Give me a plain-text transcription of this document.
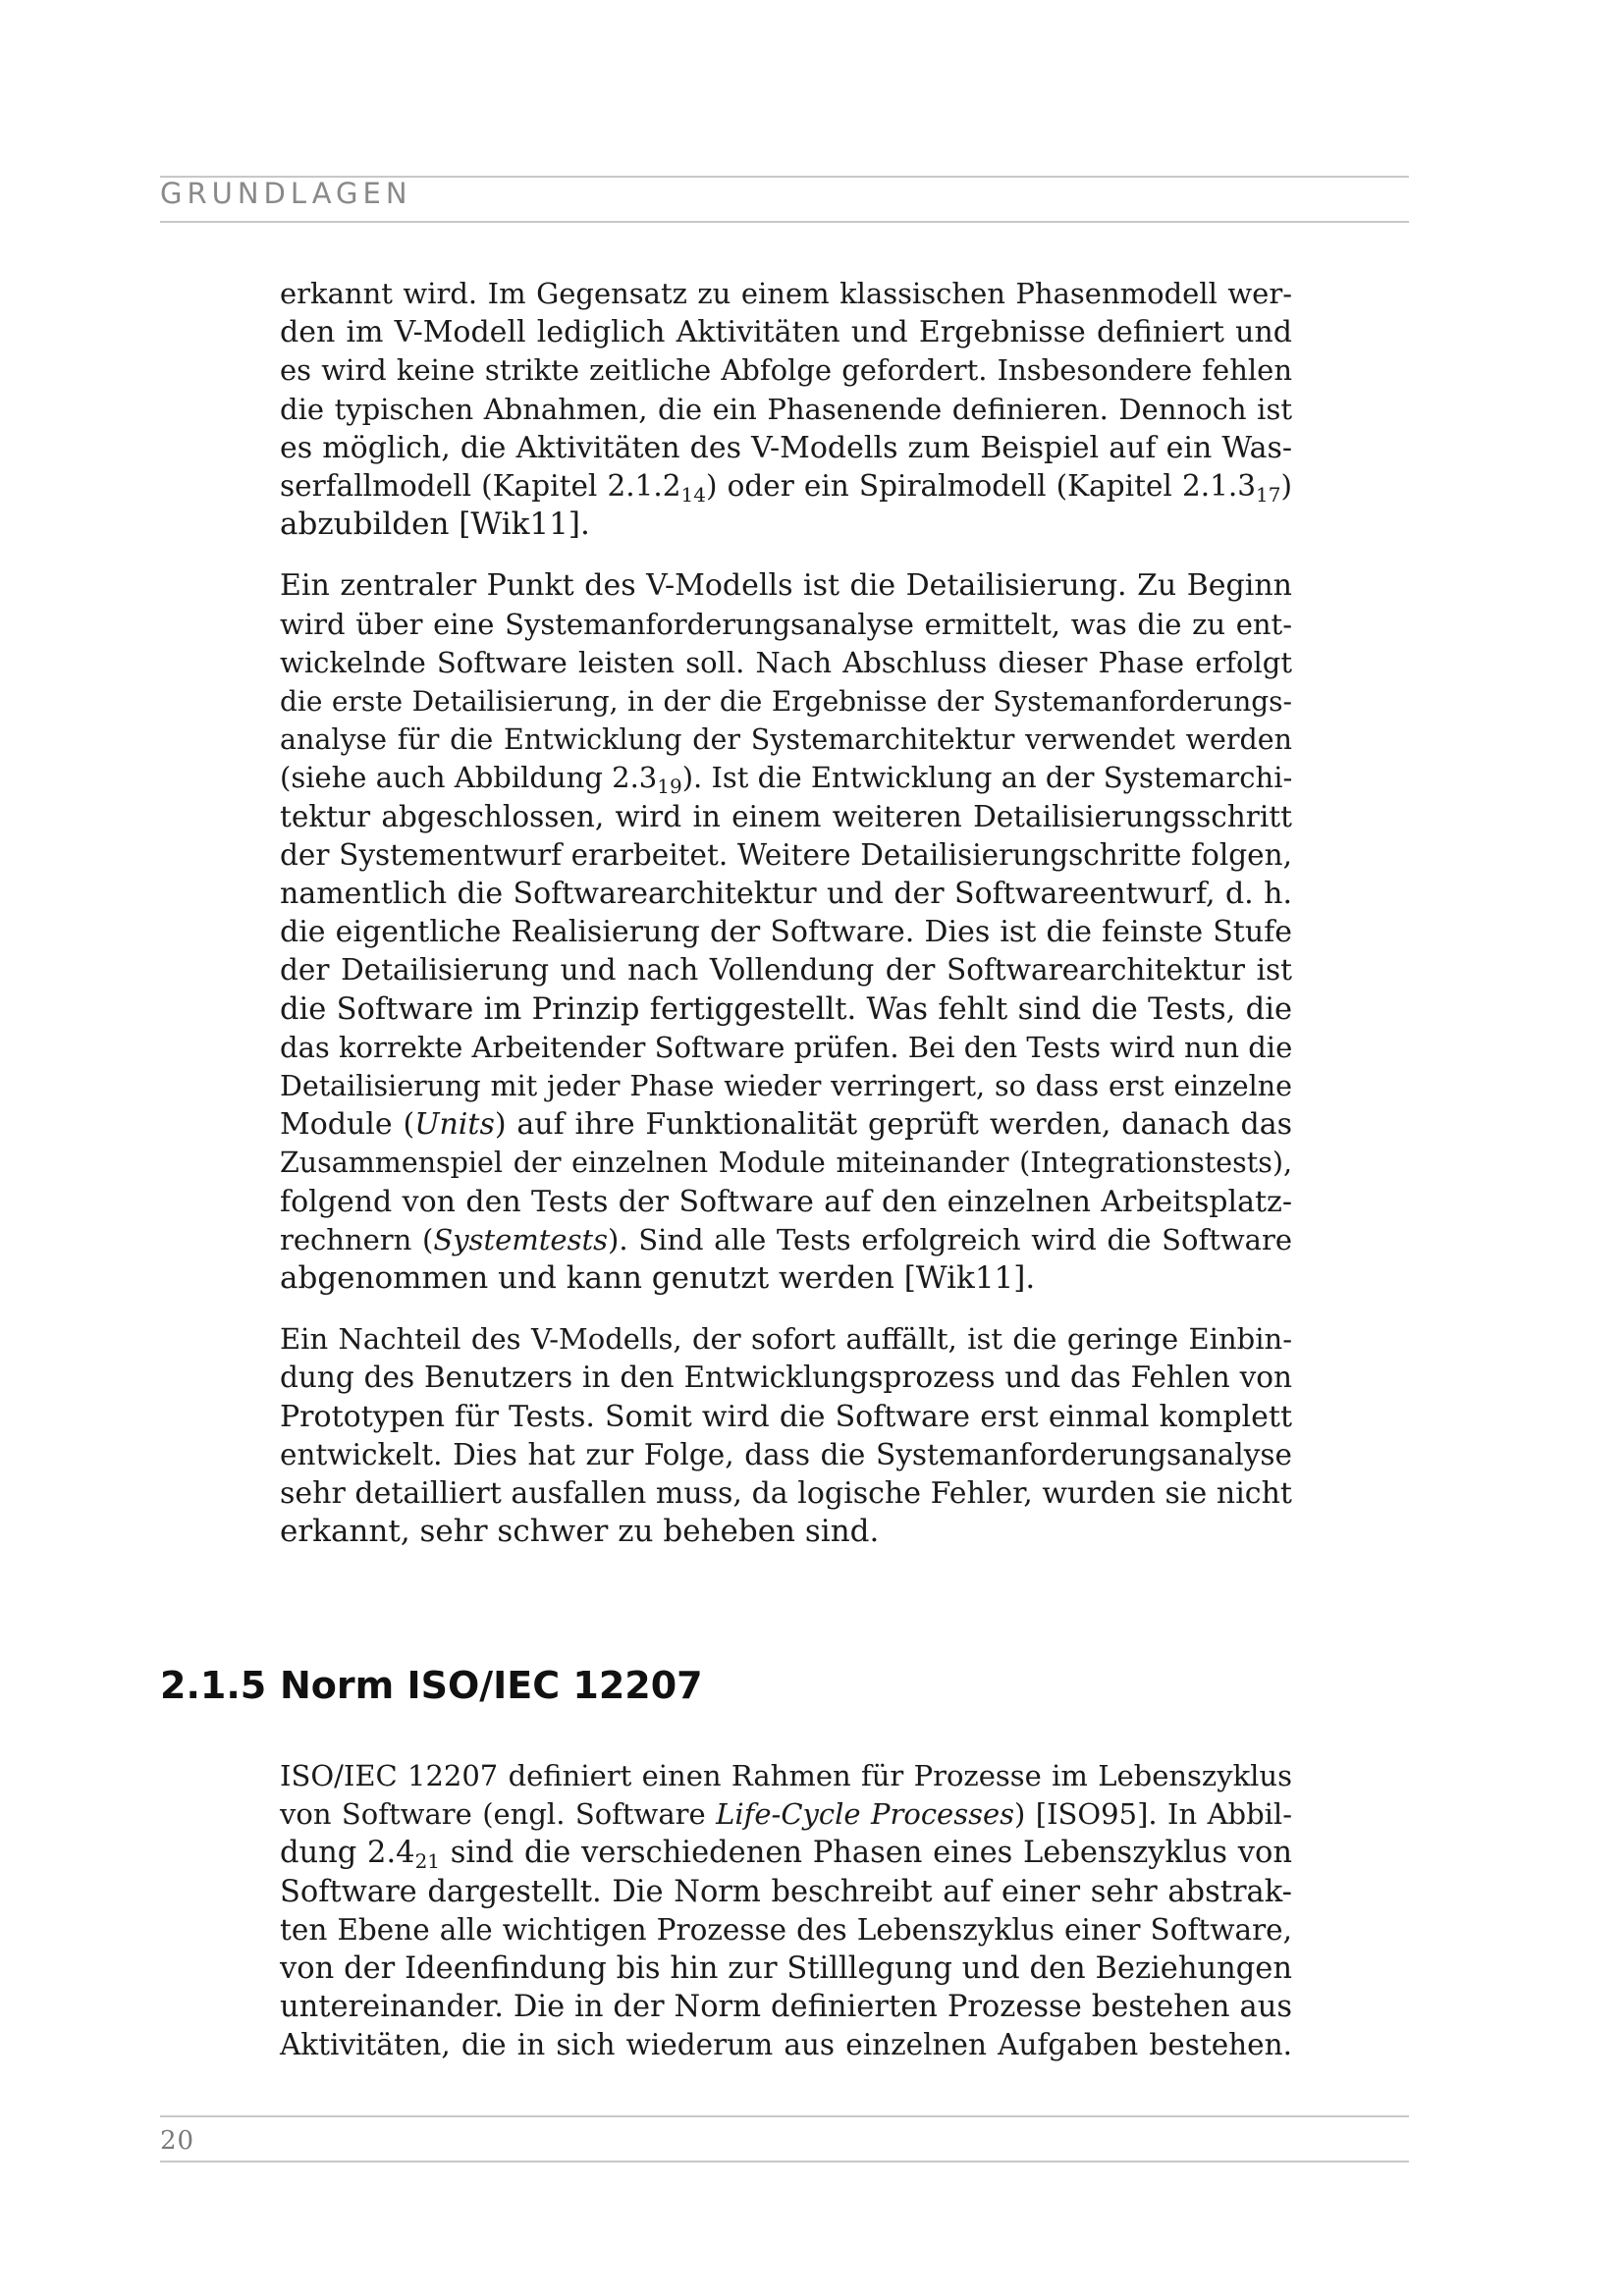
GRUNDLAGEN

erkannt wird. Im Gegensatz zu einem klassischen Phasenmodell wer-
den im V-Modell lediglich Aktivitäten und Ergebnisse definiert und
es wird keine strikte zeitliche Abfolge gefordert. Insbesondere fehlen
die typischen Abnahmen, die ein Phasenende definieren. Dennoch ist
es möglich, die Aktivitäten des V-Modells zum Beispiel auf ein Was-
serfallmodell (Kapitel $2.1.2_{14}$) oder ein Spiralmodell (Kapitel $2.1.3_{17}$)
abzubilden [Wik11].

Ein zentraler Punkt des V-Modells ist die Detailisierung. Zu Beginn
wird über eine Systemanforderungsanalyse ermittelt, was die zu ent-
wickelnde Software leisten soll. Nach Abschluss dieser Phase erfolgt
die erste Detailisierung, in der die Ergebnisse der Systemanforderungs-
analyse für die Entwicklung der Systemarchitektur verwendet werden
(siehe auch Abbildung $2.3_{19}$). Ist die Entwicklung an der Systemarchi-
tektur abgeschlossen, wird in einem weiteren Detailisierungsschritt
der Systementwurf erarbeitet. Weitere Detailisierungschritte folgen,
namentlich die Softwarearchitektur und der Softwareentwurf, d. h.
die eigentliche Realisierung der Software. Dies ist die feinste Stufe
der Detailisierung und nach Vollendung der Softwarearchitektur ist
die Software im Prinzip fertiggestellt. Was fehlt sind die Tests, die
das korrekte Arbeitender Software prüfen. Bei den Tests wird nun die
Detailisierung mit jeder Phase wieder verringert, so dass erst einzelne
Module (Units) auf ihre Funktionalität geprüft werden, danach das
Zusammenspiel der einzelnen Module miteinander (Integrationstests),
folgend von den Tests der Software auf den einzelnen Arbeitsplatz-
rechnern (Systemtests). Sind alle Tests erfolgreich wird die Software
abgenommen und kann genutzt werden [Wik11].

Ein Nachteil des V-Modells, der sofort auffällt, ist die geringe Einbin-
dung des Benutzers in den Entwicklungsprozess und das Fehlen von
Prototypen für Tests. Somit wird die Software erst einmal komplett
entwickelt. Dies hat zur Folge, dass die Systemanforderungsanalyse
sehr detailliert ausfallen muss, da logische Fehler, wurden sie nicht
erkannt, sehr schwer zu beheben sind.

2.1.5 Norm ISO/IEC 12207

ISO/IEC 12207 definiert einen Rahmen für Prozesse im Lebenszyklus
von Software (engl. Software Life-Cycle Processes) [ISO95]. In Abbil-
dung $2.4_{21}$ sind die verschiedenen Phasen eines Lebenszyklus von
Software dargestellt. Die Norm beschreibt auf einer sehr abstrak-
ten Ebene alle wichtigen Prozesse des Lebenszyklus einer Software,
von der Ideenfindung bis hin zur Stilllegung und den Beziehungen
untereinander. Die in der Norm definierten Prozesse bestehen aus
Aktivitäten, die in sich wiederum aus einzelnen Aufgaben bestehen.

20
